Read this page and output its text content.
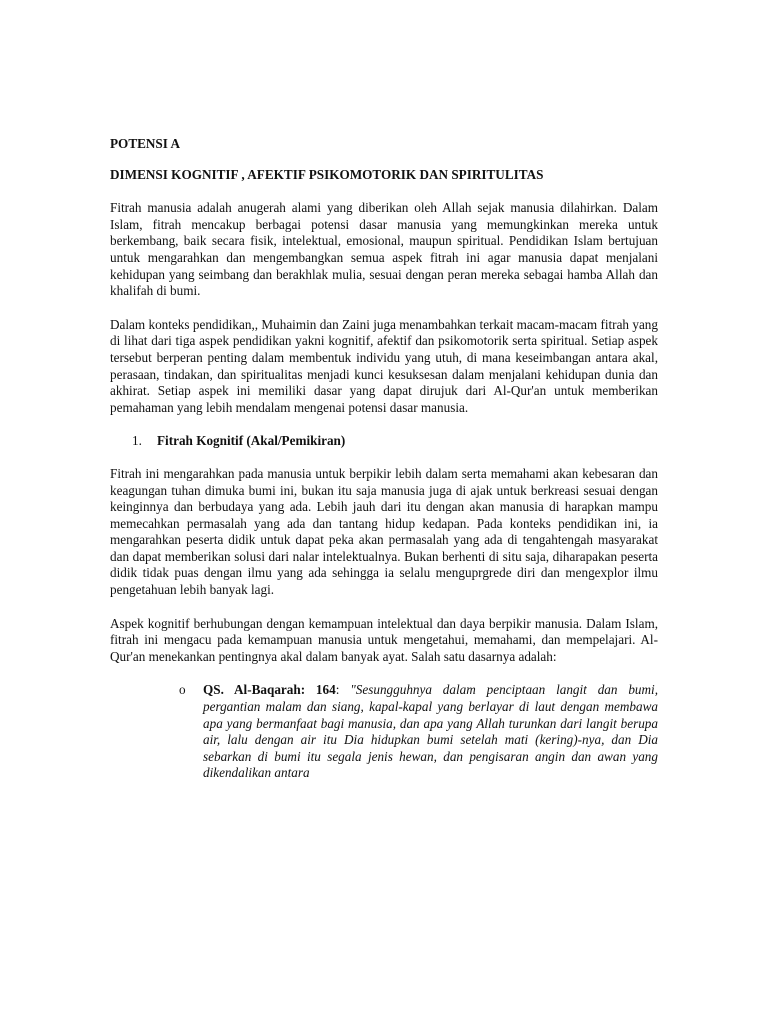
POTENSI A

DIMENSI KOGNITIF , AFEKTIF PSIKOMOTORIK DAN SPIRITULITAS

Fitrah manusia adalah anugerah alami yang diberikan oleh Allah sejak manusia dilahirkan. Dalam Islam, fitrah mencakup berbagai potensi dasar manusia yang memungkinkan mereka untuk berkembang, baik secara fisik, intelektual, emosional, maupun spiritual. Pendidikan Islam bertujuan untuk mengarahkan dan mengembangkan semua aspek fitrah ini agar manusia dapat menjalani kehidupan yang seimbang dan berakhlak mulia, sesuai dengan peran mereka sebagai hamba Allah dan khalifah di bumi.

Dalam konteks pendidikan,, Muhaimin dan Zaini juga menambahkan terkait macam-macam fitrah yang di lihat dari tiga aspek pendidikan yakni kognitif, afektif dan psikomotorik serta spiritual. Setiap aspek tersebut berperan penting dalam membentuk individu yang utuh, di mana keseimbangan antara akal, perasaan, tindakan, dan spiritualitas menjadi kunci kesuksesan dalam menjalani kehidupan dunia dan akhirat. Setiap aspek ini memiliki dasar yang dapat dirujuk dari Al-Qur'an untuk memberikan pemahaman yang lebih mendalam mengenai potensi dasar manusia.

1. Fitrah Kognitif (Akal/Pemikiran)

Fitrah ini mengarahkan pada manusia untuk berpikir lebih dalam serta memahami akan kebesaran dan keagungan tuhan dimuka bumi ini, bukan itu saja manusia juga di ajak untuk berkreasi sesuai dengan keinginnya dan berbudaya yang ada. Lebih jauh dari itu dengan akan manusia di harapkan mampu memecahkan permasalah yang ada dan tantang hidup kedapan. Pada konteks pendidikan ini, ia mengarahkan peserta didik untuk dapat peka akan permasalah yang ada di tengahtengah masyarakat dan dapat memberikan solusi dari nalar intelektualnya. Bukan berhenti di situ saja, diharapakan peserta didik tidak puas dengan ilmu yang ada sehingga ia selalu menguprgrede diri dan mengexplor ilmu pengetahuan lebih banyak lagi.

Aspek kognitif berhubungan dengan kemampuan intelektual dan daya berpikir manusia. Dalam Islam, fitrah ini mengacu pada kemampuan manusia untuk mengetahui, memahami, dan mempelajari. Al-Qur'an menekankan pentingnya akal dalam banyak ayat. Salah satu dasarnya adalah:

o QS. Al-Baqarah: 164: "Sesungguhnya dalam penciptaan langit dan bumi, pergantian malam dan siang, kapal-kapal yang berlayar di laut dengan membawa apa yang bermanfaat bagi manusia, dan apa yang Allah turunkan dari langit berupa air, lalu dengan air itu Dia hidupkan bumi setelah mati (kering)-nya, dan Dia sebarkan di bumi itu segala jenis hewan, dan pengisaran angin dan awan yang dikendalikan antara
